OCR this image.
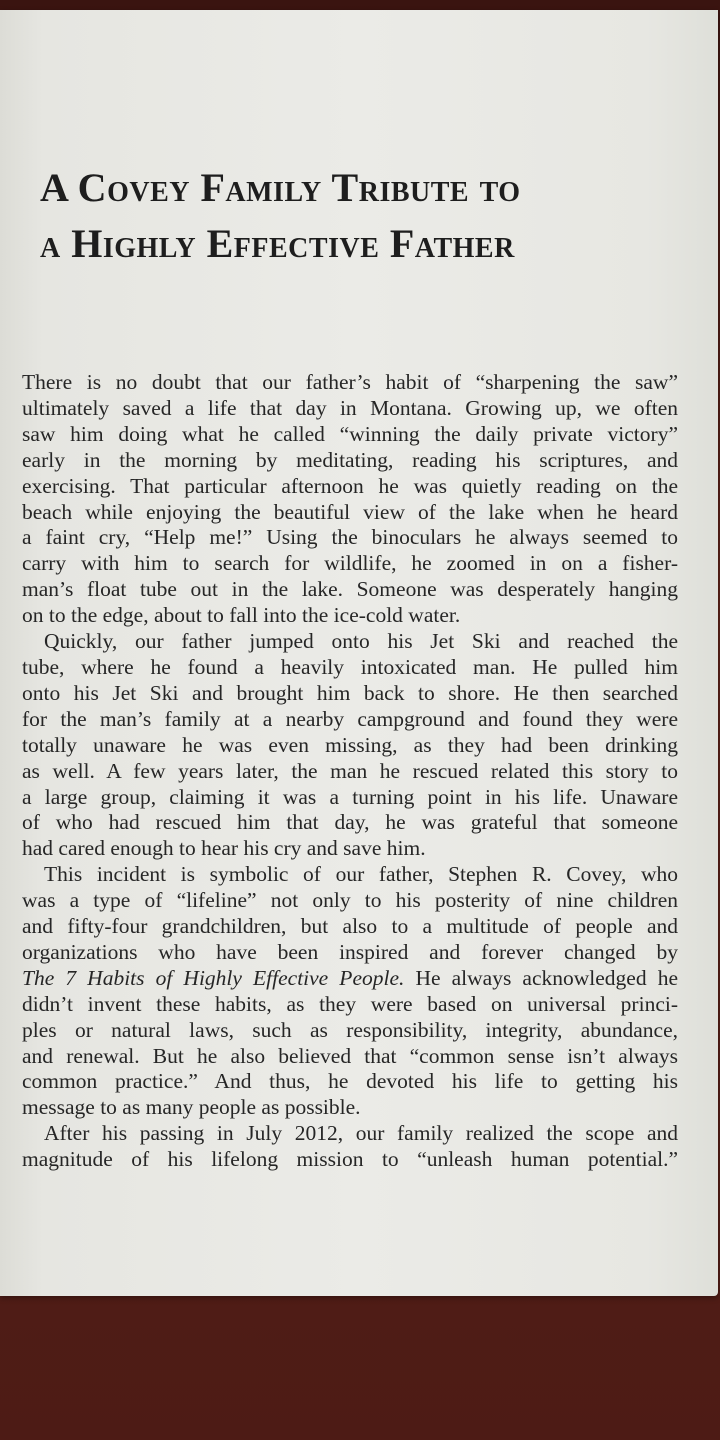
A Covey Family Tribute to
a Highly Effective Father

There is no doubt that our father’s habit of “sharpening the saw”
ultimately saved a life that day in Montana. Growing up, we often
saw him doing what he called “winning the daily private victory”
early in the morning by meditating, reading his scriptures, and
exercising. That particular afternoon he was quietly reading on the
beach while enjoying the beautiful view of the lake when he heard
a faint cry, “Help me!” Using the binoculars he always seemed to
carry with him to search for wildlife, he zoomed in on a fisher-
man’s float tube out in the lake. Someone was desperately hanging
on to the edge, about to fall into the ice-cold water.

Quickly, our father jumped onto his Jet Ski and reached the
tube, where he found a heavily intoxicated man. He pulled him
onto his Jet Ski and brought him back to shore. He then searched
for the man’s family at a nearby campground and found they were
totally unaware he was even missing, as they had been drinking
as well. A few years later, the man he rescued related this story to
a large group, claiming it was a turning point in his life. Unaware
of who had rescued him that day, he was grateful that someone
had cared enough to hear his cry and save him.

This incident is symbolic of our father, Stephen R. Covey, who
was a type of “lifeline” not only to his posterity of nine children
and fifty-four grandchildren, but also to a multitude of people and
organizations who have been inspired and forever changed by
The 7 Habits of Highly Effective People. He always acknowledged he
didn’t invent these habits, as they were based on universal princi-
ples or natural laws, such as responsibility, integrity, abundance,
and renewal. But he also believed that “common sense isn’t always
common practice.” And thus, he devoted his life to getting his
message to as many people as possible.

After his passing in July 2012, our family realized the scope and
magnitude of his lifelong mission to “unleash human potential.”
